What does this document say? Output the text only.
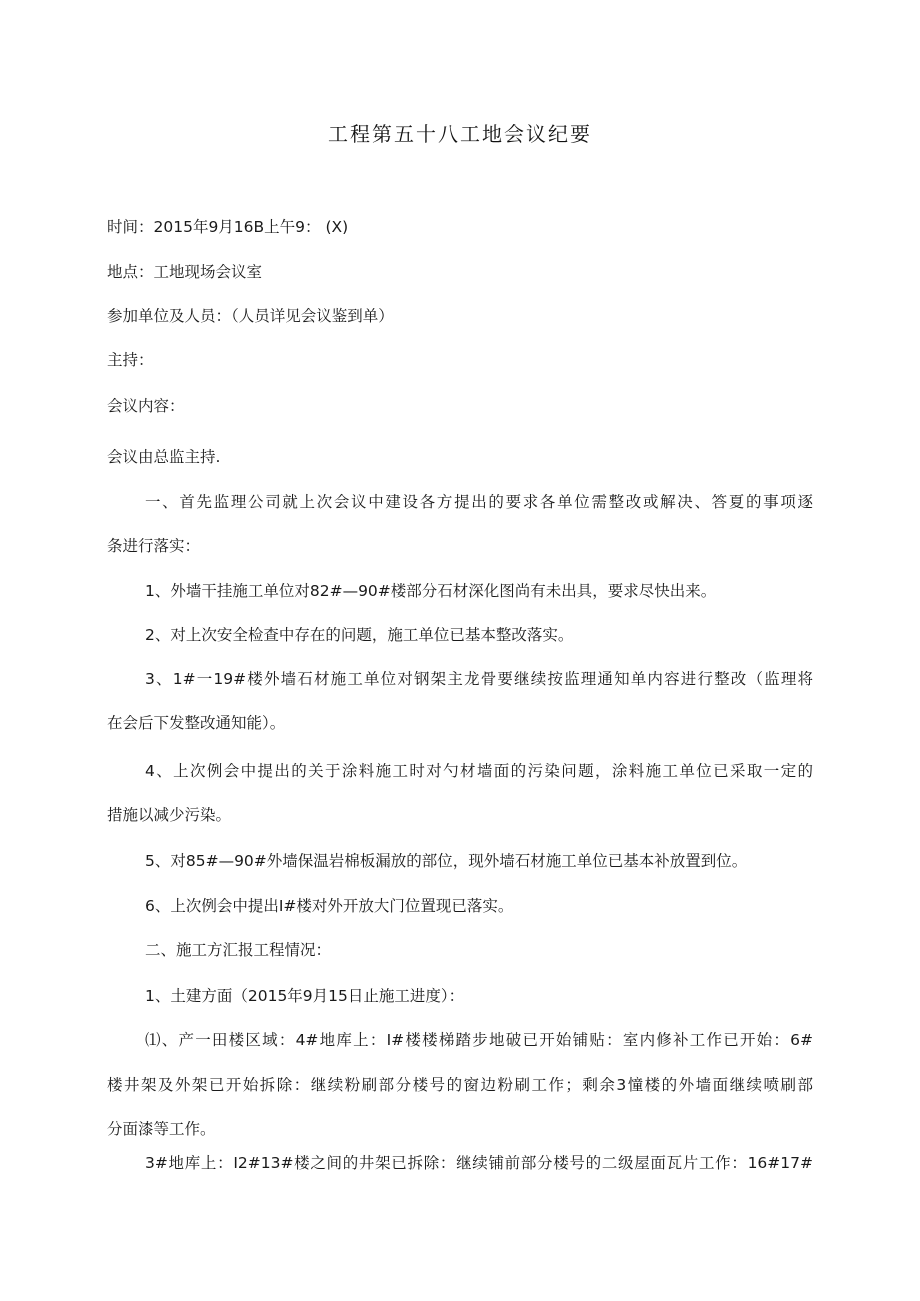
工程第五十八工地会议纪要

时间：2015年9月16B上午9： (X)

地点：工地现场会议室

参加单位及人员：（人员详见会议鉴到单）

主持：

会议内容：

会议由总监主持.

一、首先监理公司就上次会议中建设各方提出的要求各单位需整改或解决、答夏的事项逐

条进行落实：

1、外墙干挂施工单位对82#—90#楼部分石材深化图尚有未出具，要求尽快出来。

2、对上次安全检查中存在的问题，施工单位已基本整改落实。

3、1#一19#楼外墙石材施工单位对钢架主龙骨要继续按监理通知单内容进行整改（监理将

在会后下发整改通知能）。

4、上次例会中提出的关于涂料施工时对勺材墙面的污染问题，涂料施工单位已采取一定的

措施以减少污染。

5、对85#—90#外墙保温岩棉板漏放的部位，现外墙石材施工单位已基本补放置到位。

6、上次例会中提出I#楼对外开放大门位置现已落实。

二、施工方汇报工程情况：

1、土建方面（2015年9月15日止施工进度）：

⑴、产一田楼区域：4#地库上：I#楼楼梯踏步地破已开始铺贴：室内修补工作已开始：6#

楼井架及外架已开始拆除：继续粉刷部分楼号的窗边粉刷工作；剩余3憧楼的外墙面继续喷刷部

分面漆等工作。

3#地库上：I2#13#楼之间的井架已拆除：继续铺前部分楼号的二级屋面瓦片工作：16#17#
